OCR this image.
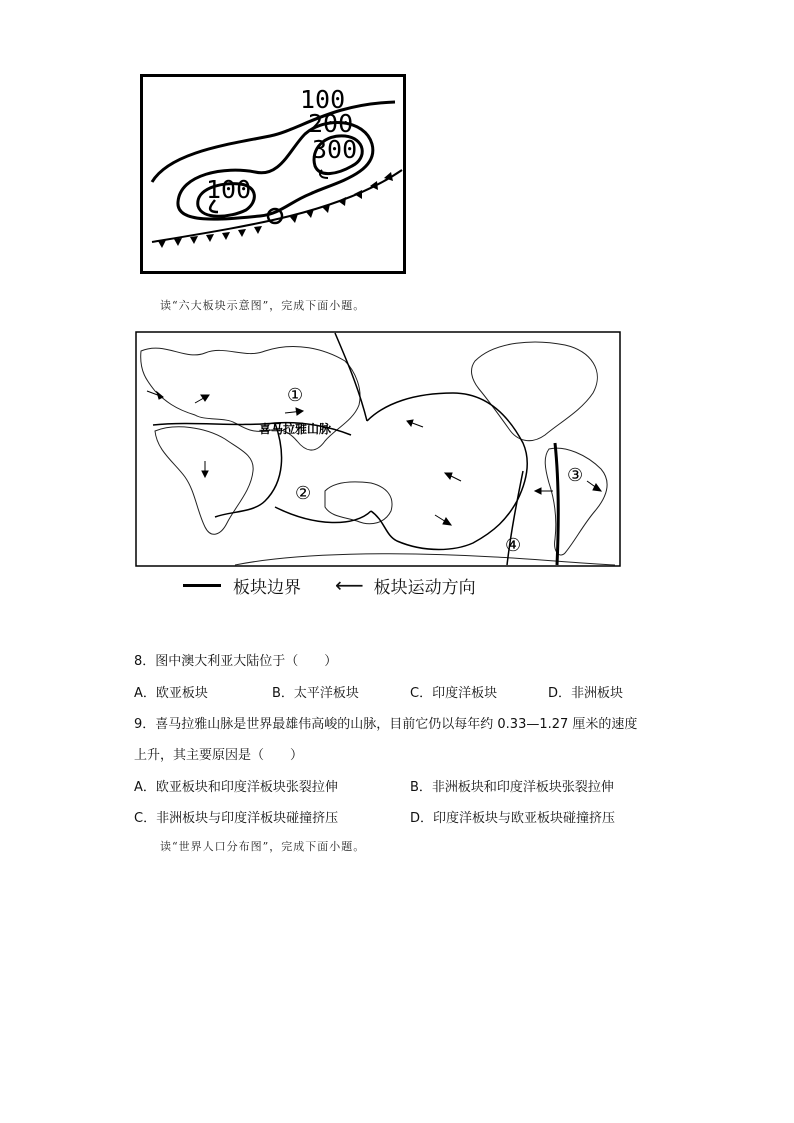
100
200
300
100
读“六大板块示意图”，完成下面小题。
①
②
③
④
喜马拉雅山脉
板块边界 ⟵ 板块运动方向
8．图中澳大利亚大陆位于（　　）
A．欧亚板块	B．太平洋板块	C．印度洋板块	D．非洲板块
9．喜马拉雅山脉是世界最雄伟高峻的山脉，目前它仍以每年约 0.33—1.27 厘米的速度
上升，其主要原因是（　　）
A．欧亚板块和印度洋板块张裂拉伸	B．非洲板块和印度洋板块张裂拉伸
C．非洲板块与印度洋板块碰撞挤压	D．印度洋板块与欧亚板块碰撞挤压
读“世界人口分布图”，完成下面小题。
